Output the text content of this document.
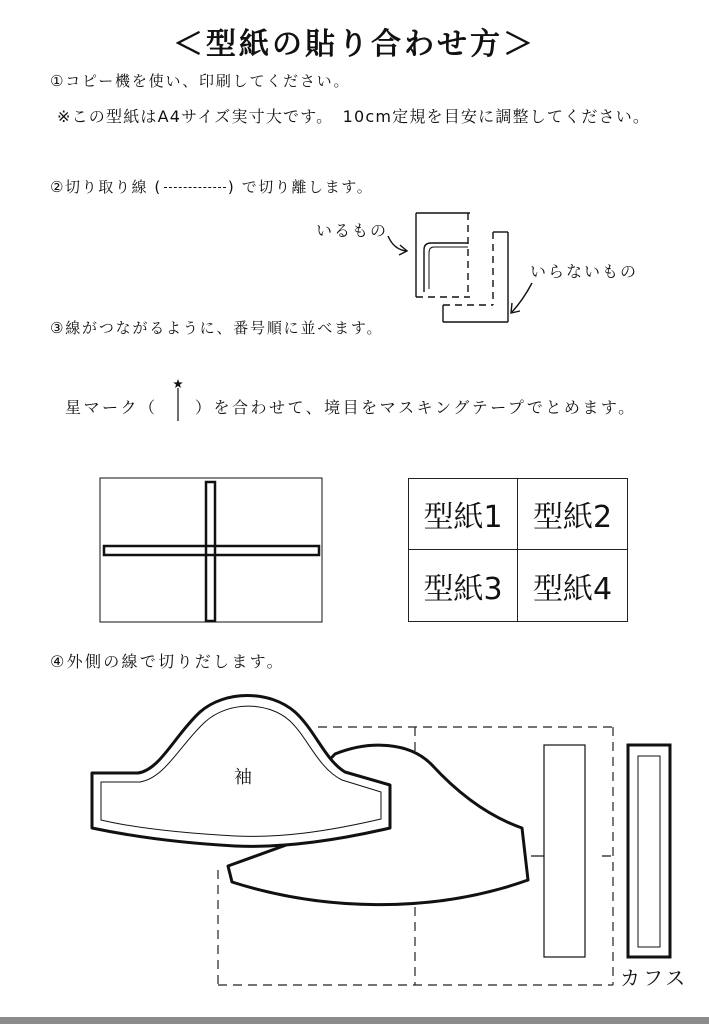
＜型紙の貼り合わせ方＞
①コピー機を使い、印刷してください。
※この型紙はA4サイズ実寸大です。　10cm定規を目安に調整してください。
②切り取り線 (	) で切り離します。
いるもの
いらないもの
③線がつながるように、番号順に並べます。
星マーク（ ）を合わせて、境目をマスキングテープでとめます。
型紙1	型紙2
型紙3	型紙4
④外側の線で切りだします。
袖
カフス
